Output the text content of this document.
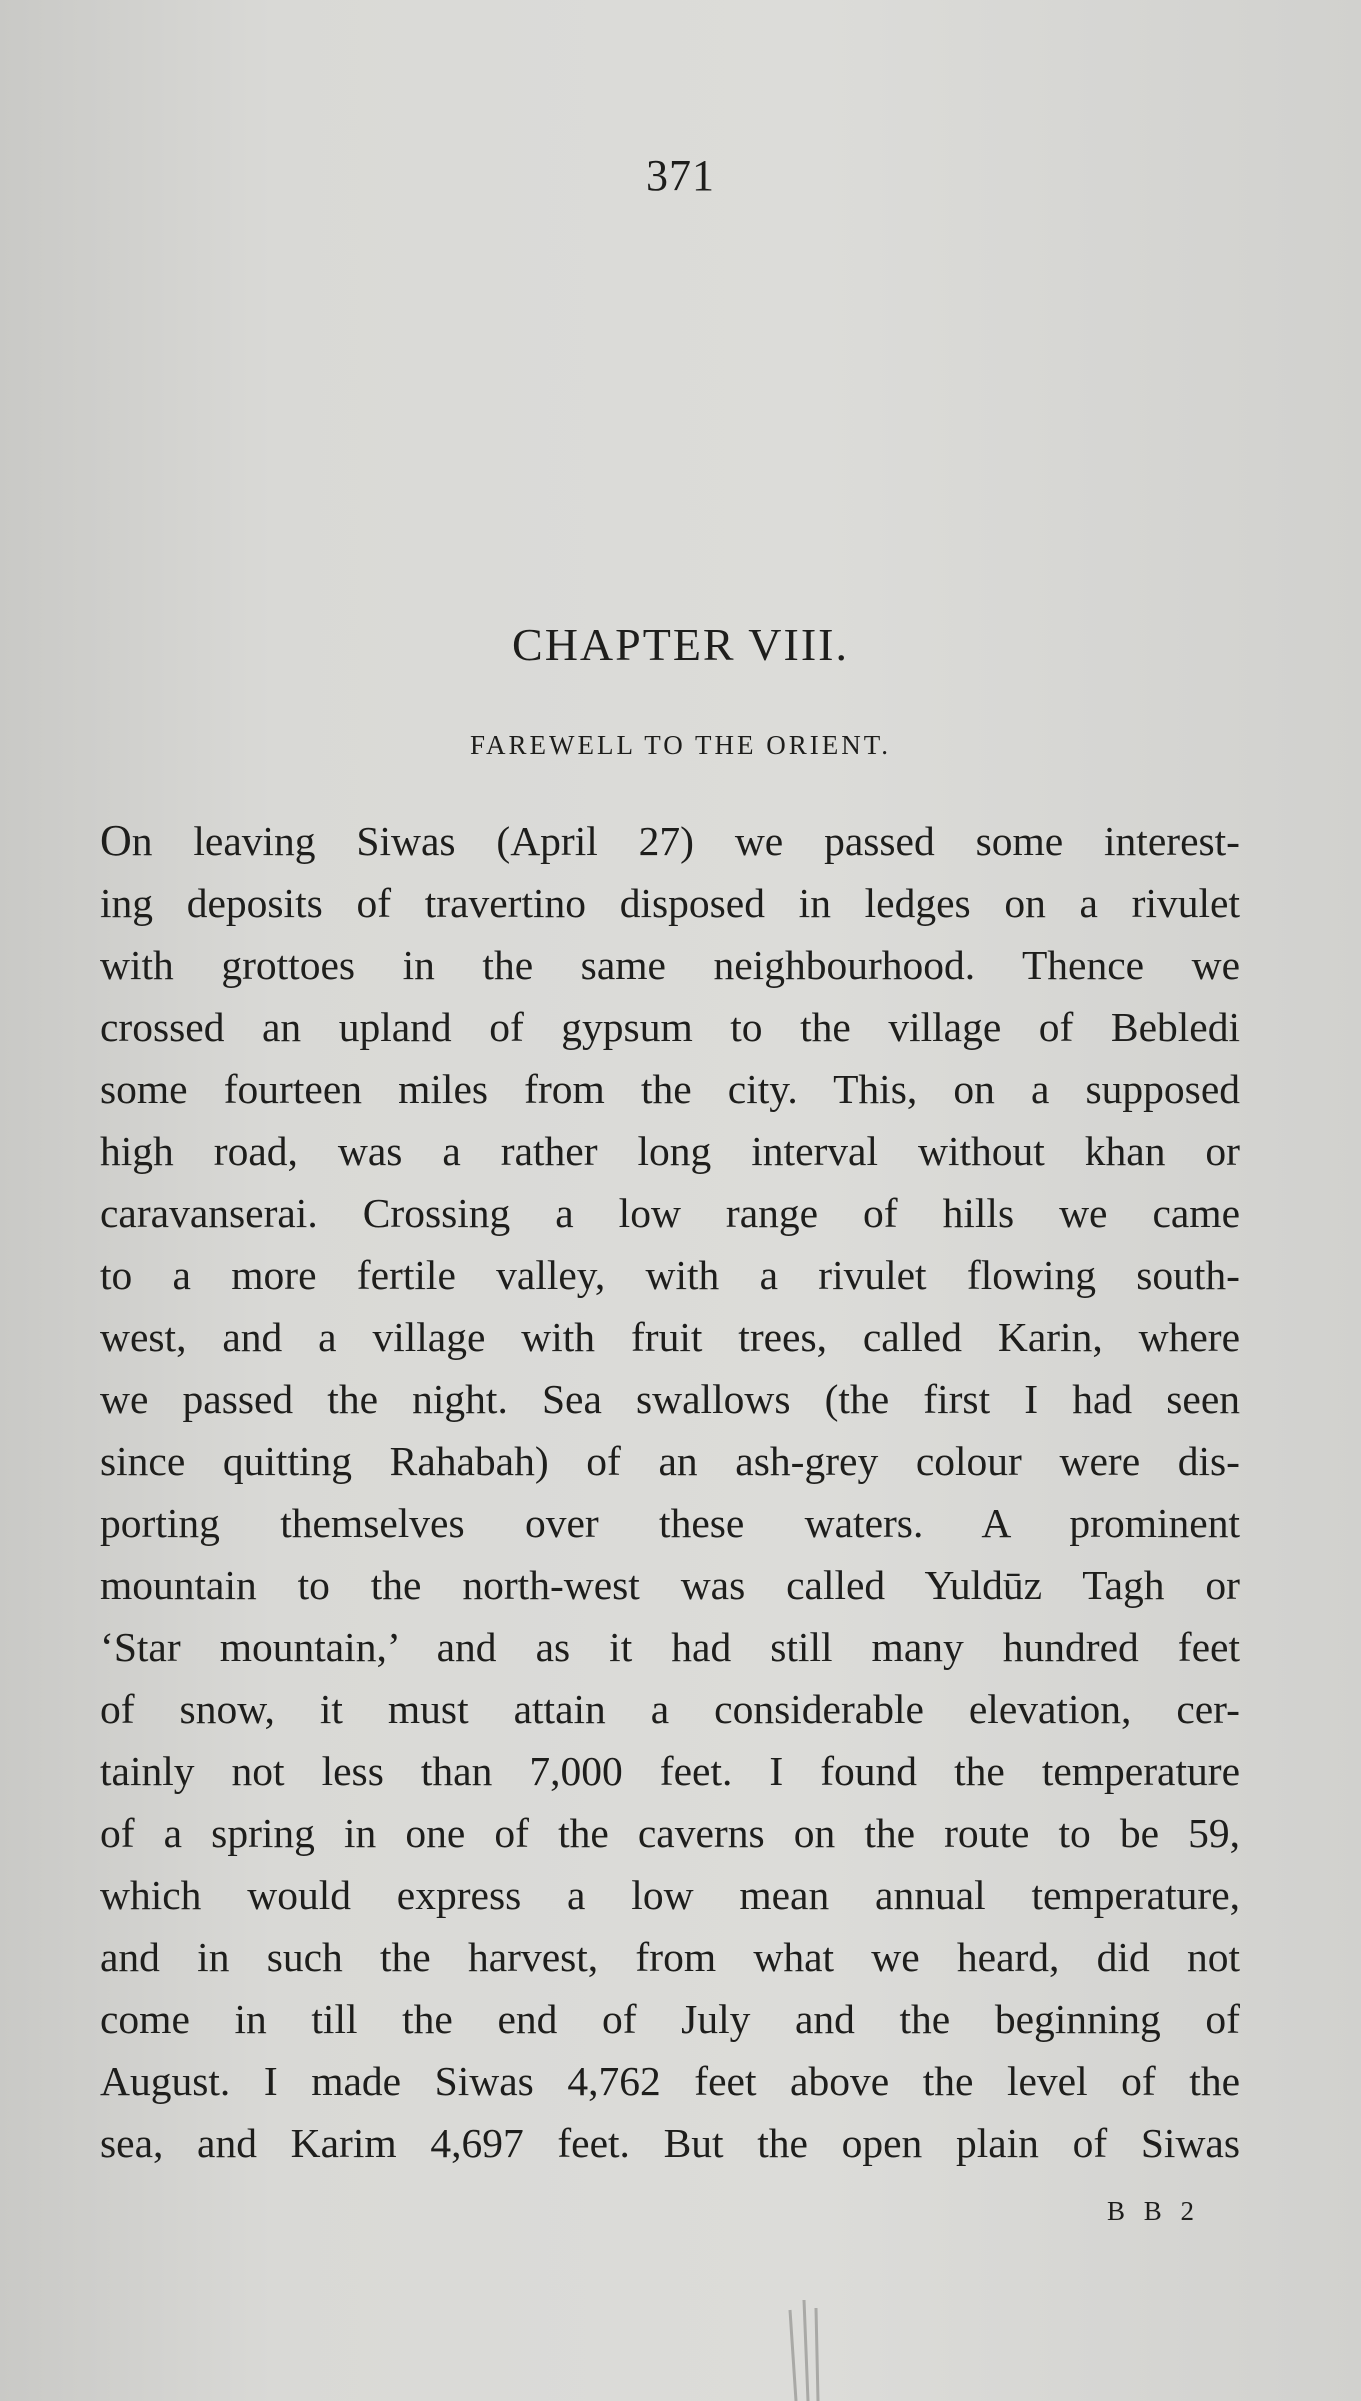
371
CHAPTER VIII.
FAREWELL TO THE ORIENT.
On leaving Siwas (April 27) we passed some interest-
ing deposits of travertino disposed in ledges on a rivulet
with grottoes in the same neighbourhood. Thence we
crossed an upland of gypsum to the village of Bebledi
some fourteen miles from the city. This, on a supposed
high road, was a rather long interval without khan or
caravanserai. Crossing a low range of hills we came
to a more fertile valley, with a rivulet flowing south-
west, and a village with fruit trees, called Karin, where
we passed the night. Sea swallows (the first I had seen
since quitting Rahabah) of an ash-grey colour were dis-
porting themselves over these waters. A prominent
mountain to the north-west was called Yuldūz Tagh or
‘Star mountain,’ and as it had still many hundred feet
of snow, it must attain a considerable elevation, cer-
tainly not less than 7,000 feet. I found the temperature
of a spring in one of the caverns on the route to be 59,
which would express a low mean annual temperature,
and in such the harvest, from what we heard, did not
come in till the end of July and the beginning of
August. I made Siwas 4,762 feet above the level of the
sea, and Karim 4,697 feet. But the open plain of Siwas
B B 2
